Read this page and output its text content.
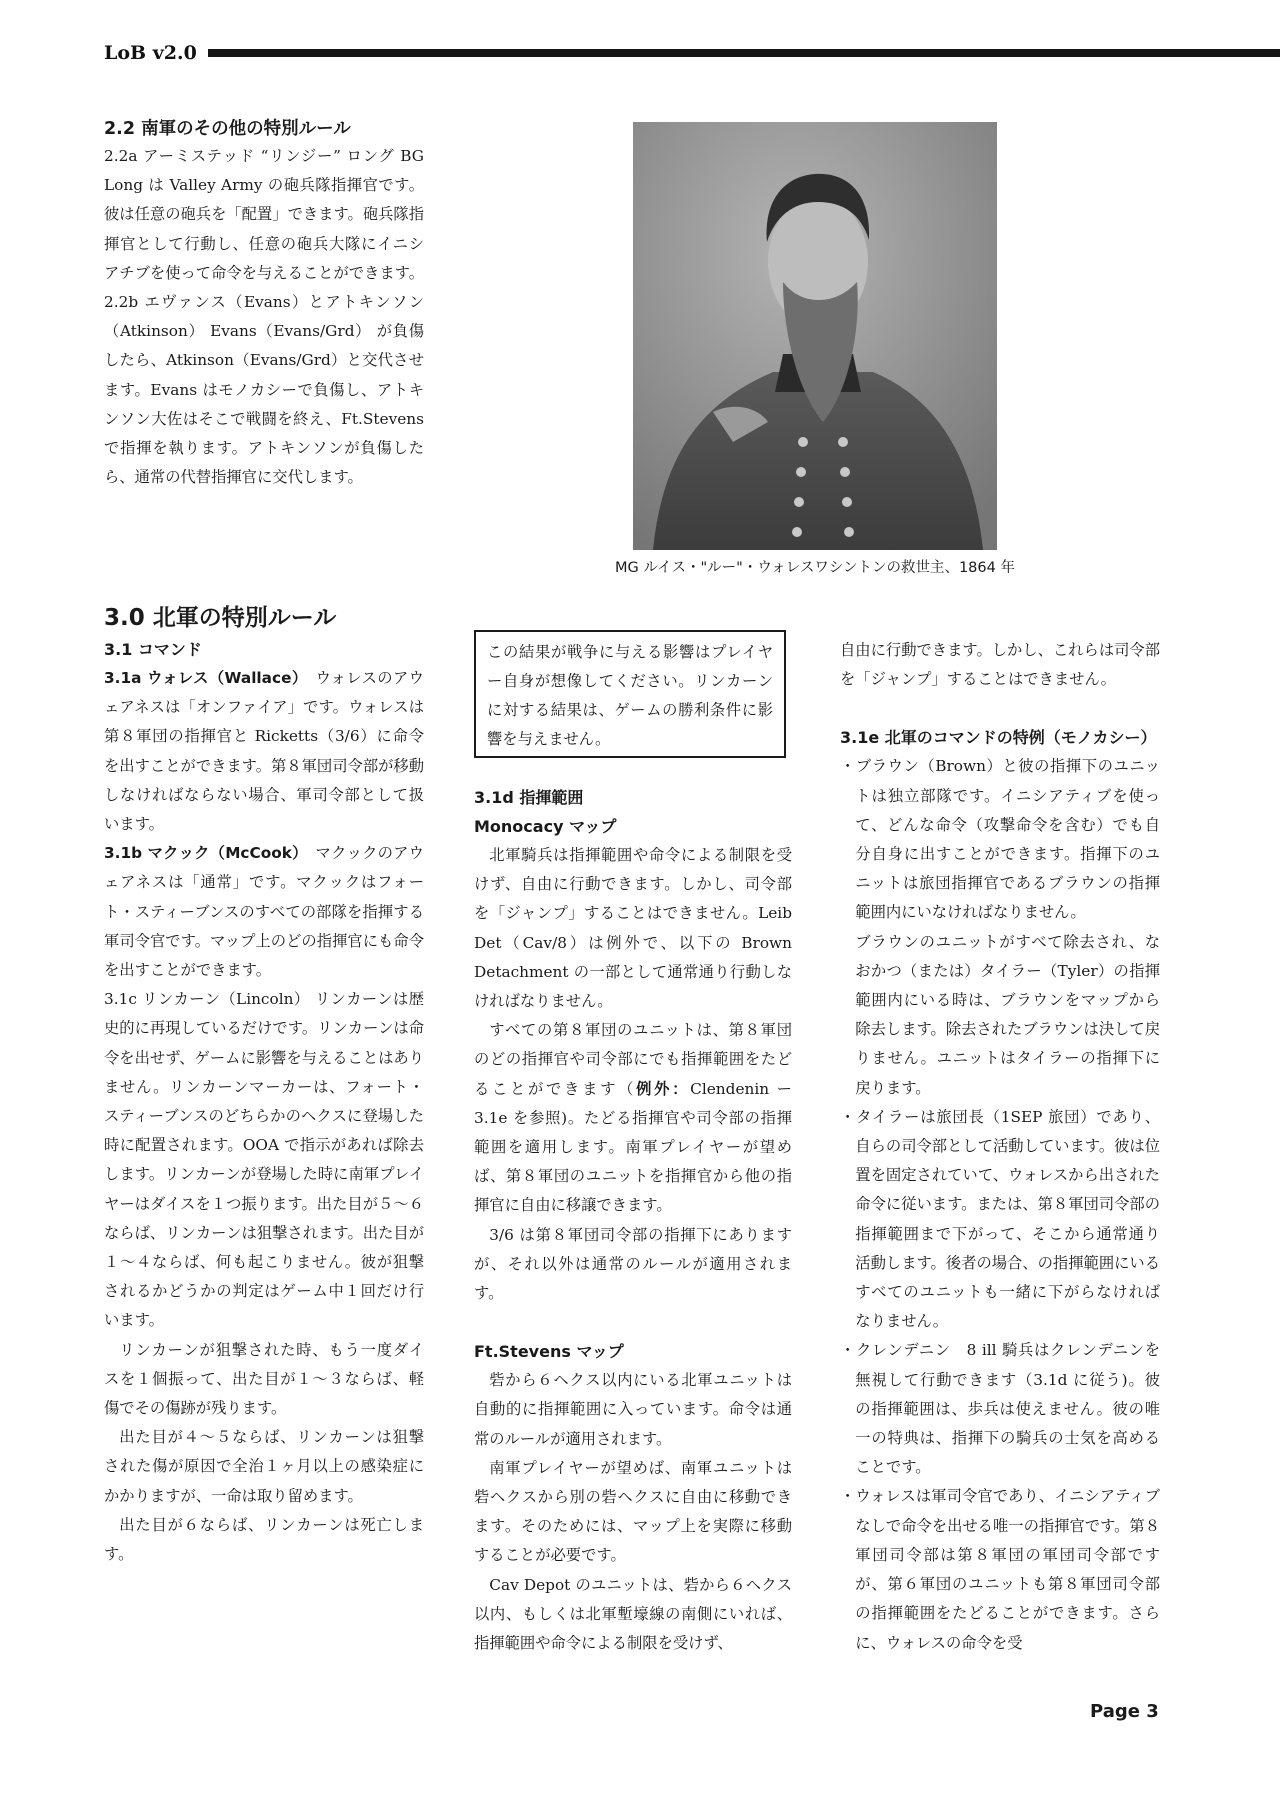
LoB v2.0

2.2 南軍のその他の特別ルール

2.2a アーミステッド “リンジー” ロング BG Long は Valley Army の砲兵隊指揮官です。彼は任意の砲兵を「配置」できます。砲兵隊指揮官として行動し、任意の砲兵大隊にイニシアチブを使って命令を与えることができます。

2.2b エヴァンス（Evans）とアトキンソン（Atkinson） Evans（Evans/Grd） が負傷したら、Atkinson（Evans/Grd）と交代させます。Evans はモノカシーで負傷し、アトキンソン大佐はそこで戦闘を終え、Ft.Stevens で指揮を執ります。アトキンソンが負傷したら、通常の代替指揮官に交代します。

MG ルイス・"ルー"・ウォレスワシントンの救世主、1864 年

3.0 北軍の特別ルール

3.1 コマンド

3.1a ウォレス（Wallace）　 ウォレスのアウェアネスは「オンファイア」です。ウォレスは第８軍団の指揮官と Ricketts（3/6）に命令を出すことができます。第８軍団司令部が移動しなければならない場合、軍司令部として扱います。

3.1b マクック（McCook）　 マクックのアウェアネスは「通常」です。マクックはフォート・スティーブンスのすべての部隊を指揮する軍司令官です。マップ上のどの指揮官にも命令を出すことができます。

3.1c リンカーン（Lincoln） リンカーンは歴史的に再現しているだけです。リンカーンは命令を出せず、ゲームに影響を与えることはありません。リンカーンマーカーは、フォート・スティーブンスのどちらかのヘクスに登場した時に配置されます。OOA で指示があれば除去します。リンカーンが登場した時に南軍プレイヤーはダイスを１つ振ります。出た目が５〜６ならば、リンカーンは狙撃されます。出た目が１〜４ならば、何も起こりません。彼が狙撃されるかどうかの判定はゲーム中１回だけ行います。

リンカーンが狙撃された時、もう一度ダイスを１個振って、出た目が１〜３ならば、軽傷でその傷跡が残ります。

出た目が４〜５ならば、リンカーンは狙撃された傷が原因で全治１ヶ月以上の感染症にかかりますが、一命は取り留めます。

出た目が６ならば、リンカーンは死亡します。

この結果が戦争に与える影響はプレイヤー自身が想像してください。リンカーンに対する結果は、ゲームの勝利条件に影響を与えません。

3.1d 指揮範囲

Monocacy マップ

北軍騎兵は指揮範囲や命令による制限を受けず、自由に行動できます。しかし、司令部を「ジャンプ」することはできません。Leib Det（Cav/8）は例外で、以下の Brown Detachment の一部として通常通り行動しなければなりません。

すべての第８軍団のユニットは、第８軍団のどの指揮官や司令部にでも指揮範囲をたどることができます（例外：Clendenin ー 3.1e を参照)。たどる指揮官や司令部の指揮範囲を適用します。南軍プレイヤーが望めば、第８軍団のユニットを指揮官から他の指揮官に自由に移譲できます。

3/6 は第８軍団司令部の指揮下にありますが、それ以外は通常のルールが適用されます。

Ft.Stevens マップ

砦から６ヘクス以内にいる北軍ユニットは自動的に指揮範囲に入っています。命令は通常のルールが適用されます。

南軍プレイヤーが望めば、南軍ユニットは砦ヘクスから別の砦ヘクスに自由に移動できます。そのためには、マップ上を実際に移動することが必要です。

Cav Depot のユニットは、砦から６ヘクス以内、もしくは北軍塹壕線の南側にいれば、指揮範囲や命令による制限を受けず、

自由に行動できます。しかし、これらは司令部を「ジャンプ」することはできません。

3.1e 北軍のコマンドの特例（モノカシー）

・ブラウン（Brown）と彼の指揮下のユニットは独立部隊です。イニシアティブを使って、どんな命令（攻撃命令を含む）でも自分自身に出すことができます。指揮下のユニットは旅団指揮官であるブラウンの指揮範囲内にいなければなりません。

ブラウンのユニットがすべて除去され、なおかつ（または）タイラー（Tyler）の指揮範囲内にいる時は、ブラウンをマップから除去します。除去されたブラウンは決して戻りません。ユニットはタイラーの指揮下に戻ります。

・タイラーは旅団長（1SEP 旅団）であり、自らの司令部として活動しています。彼は位置を固定されていて、ウォレスから出された命令に従います。または、第８軍団司令部の指揮範囲まで下がって、そこから通常通り活動します。後者の場合、の指揮範囲にいるすべてのユニットも一緒に下がらなければなりません。

・クレンデニン　8 ill 騎兵はクレンデニンを無視して行動できます（3.1d に従う)。彼の指揮範囲は、歩兵は使えません。彼の唯一の特典は、指揮下の騎兵の士気を高めることです。

・ウォレスは軍司令官であり、イニシアティブなしで命令を出せる唯一の指揮官です。第８軍団司令部は第８軍団の軍団司令部ですが、第６軍団のユニットも第８軍団司令部の指揮範囲をたどることができます。さらに、ウォレスの命令を受

Page 3
